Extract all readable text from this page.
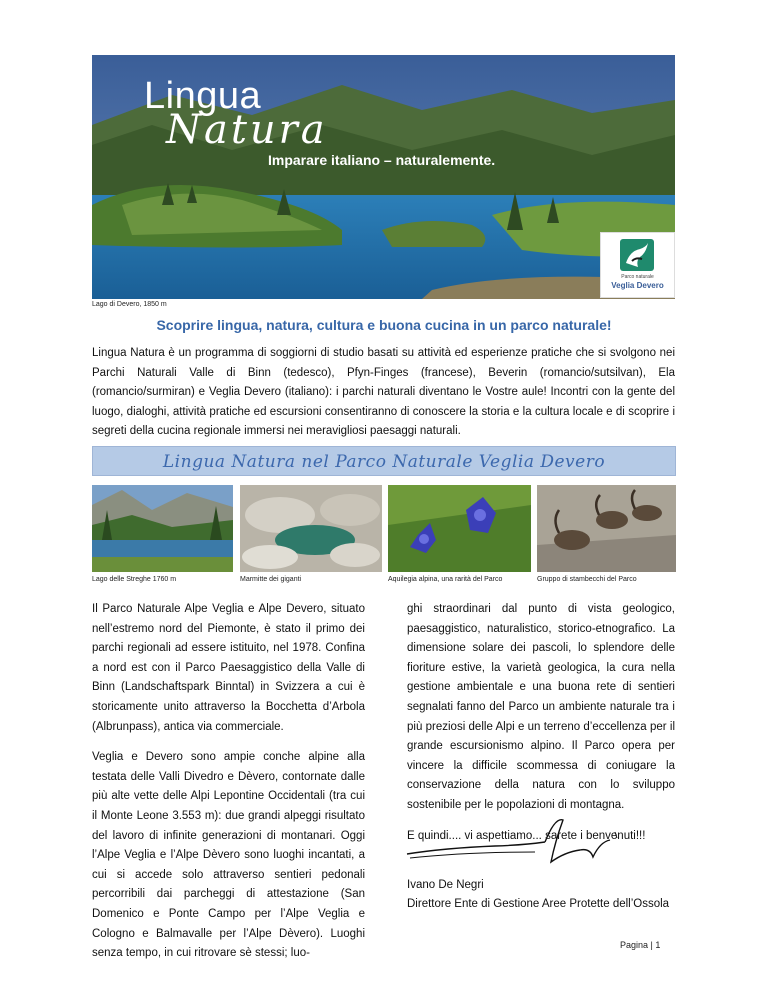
Lingua
Natura
Imparare italiano – naturalemente.
Parco naturale
Veglia Devero
Lago di Devero, 1850 m
Scoprire lingua, natura, cultura e buona cucina in un parco naturale!
Lingua Natura è un programma di soggiorni di studio basati su attività ed esperienze pratiche che si svolgono nei Parchi Naturali Valle di Binn (tedesco), Pfyn-Finges (francese), Beverin (romancio/sutsilvan), Ela (romancio/surmiran) e Veglia Devero (italiano): i parchi naturali diventano le Vostre aule! Incontri con la gente del luogo, dialoghi, attività pratiche ed escursioni consentiranno di conoscere la storia e la cultura locale e di scoprire i segreti della cucina regionale immersi nei meravigliosi paesaggi naturali.
Lingua Natura nel Parco Naturale Veglia Devero
Lago delle Streghe 1760 m	Marmitte dei giganti	Aquilegia alpina, una rarità del Parco	Gruppo di stambecchi del Parco

Il Parco Naturale Alpe Veglia e Alpe Devero, situato nell’estremo nord del Piemonte, è stato il primo dei parchi regionali ad essere istituito, nel 1978. Confina a nord est con il Parco Paesaggistico della Valle di Binn (Landschaftspark Binntal) in Svizzera a cui è storicamente unito attraverso la Bocchetta d’Arbola (Albrunpass), antica via commerciale.

Veglia e Devero sono ampie conche alpine alla testata delle Valli Divedro e Dèvero, contornate dalle più alte vette delle Alpi Lepontine Occidentali (tra cui il Monte Leone 3.553 m): due grandi alpeggi risultato del lavoro di infinite generazioni di montanari. Oggi l’Alpe Veglia e l’Alpe Dèvero sono luoghi incantati, a cui si accede solo attraverso sentieri pedonali percorribili dai parcheggi di attestazione (San Domenico e Ponte Campo per l’Alpe Veglia e Cologno e Balmavalle per l’Alpe Dèvero). Luoghi senza tempo, in cui ritrovare sè stessi; luo-

ghi straordinari dal punto di vista geologico, paesaggistico, naturalistico, storico-etnografico. La dimensione solare dei pascoli, lo splendore delle fioriture estive, la varietà geologica, la cura nella gestione ambientale e una buona rete di sentieri segnalati fanno del Parco un ambiente naturale tra i più preziosi delle Alpi e un terreno d’eccellenza per il grande escursionismo alpino. Il Parco opera per vincere la difficile scommessa di coniugare la conservazione della natura con lo sviluppo sostenibile per le popolazioni di montagna.

E quindi.... vi aspettiamo... sarete i benvenuti!!!

Ivano De Negri
Direttore Ente di Gestione Aree Protette dell’Ossola
Pagina | 1
